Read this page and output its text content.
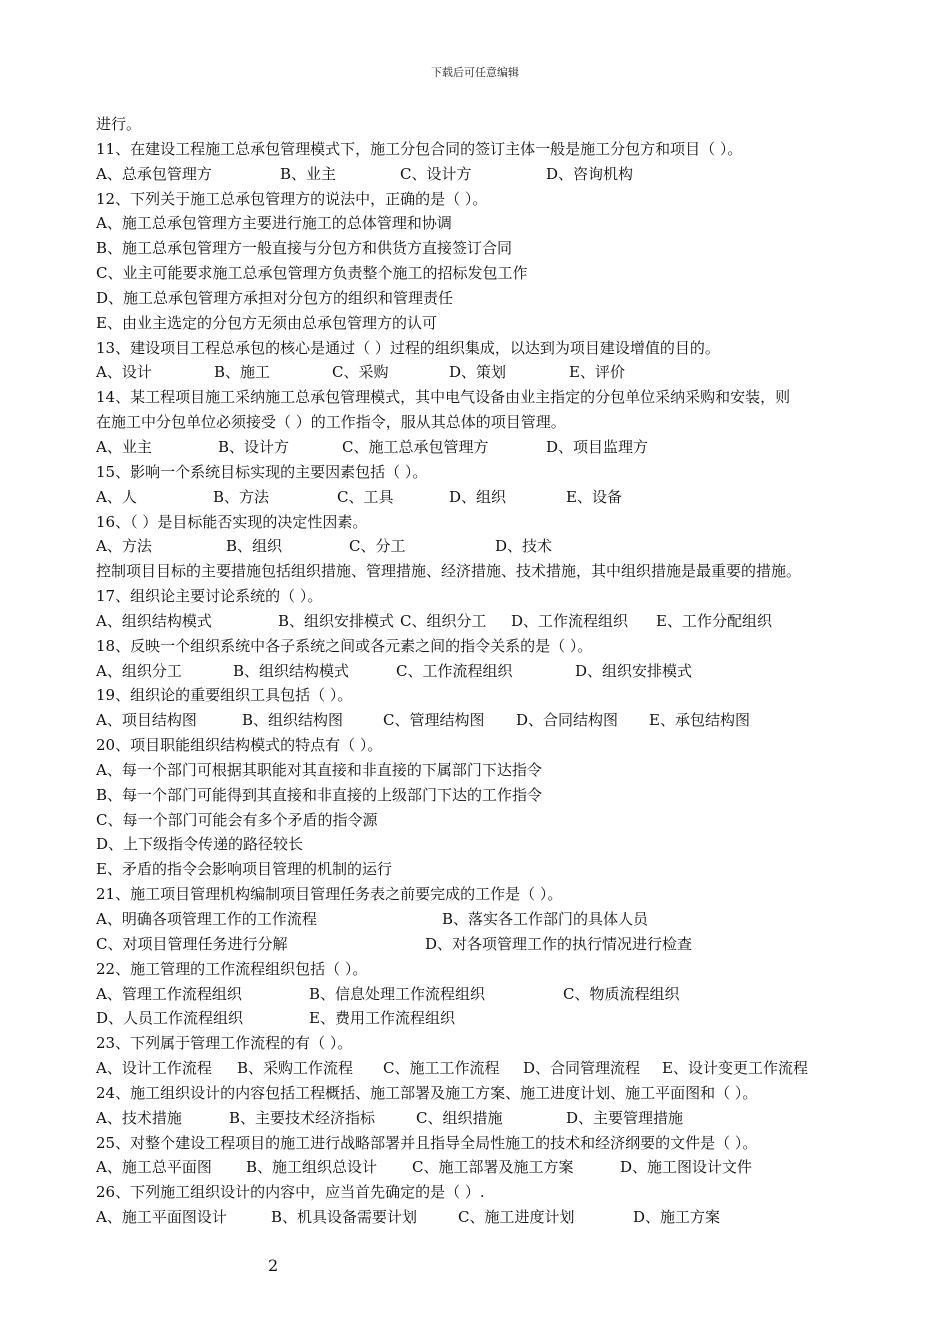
下载后可任意编辑
进行。
11、在建设工程施工总承包管理模式下，施工分包合同的签订主体一般是施工分包方和项目（ ）。
A、总承包管理方	B、业主	C、设计方	D、咨询机构
12、下列关于施工总承包管理方的说法中，正确的是（ ）。
A、施工总承包管理方主要进行施工的总体管理和协调
B、施工总承包管理方一般直接与分包方和供货方直接签订合同
C、业主可能要求施工总承包管理方负责整个施工的招标发包工作
D、施工总承包管理方承担对分包方的组织和管理责任
E、由业主选定的分包方无须由总承包管理方的认可
13、建设项目工程总承包的核心是通过（ ）过程的组织集成，以达到为项目建设增值的目的。
A、设计	B、施工	C、采购	D、策划	E、评价
14、某工程项目施工采纳施工总承包管理模式，其中电气设备由业主指定的分包单位采纳采购和安装，则
在施工中分包单位必须接受（ ）的工作指令，服从其总体的项目管理。
A、业主	B、设计方	C、施工总承包管理方	D、项目监理方
15、影响一个系统目标实现的主要因素包括（ ）。
A、人	B、方法	C、工具	D、组织	E、设备
16、（ ）是目标能否实现的决定性因素。
A、方法	B、组织	C、分工	D、技术
控制项目目标的主要措施包括组织措施、管理措施、经济措施、技术措施，其中组织措施是最重要的措施。
17、组织论主要讨论系统的（ ）。
A、组织结构模式	B、组织安排模式 C、组织分工 D、工作流程组织 E、工作分配组织
18、反映一个组织系统中各子系统之间或各元素之间的指令关系的是（ ）。
A、组织分工	B、组织结构模式	C、工作流程组织	D、组织安排模式
19、组织论的重要组织工具包括（ ）。
A、项目结构图	B、组织结构图	C、管理结构图 D、合同结构图 E、承包结构图
20、项目职能组织结构模式的特点有（ ）。
A、每一个部门可根据其职能对其直接和非直接的下属部门下达指令
B、每一个部门可能得到其直接和非直接的上级部门下达的工作指令
C、每一个部门可能会有多个矛盾的指令源
D、上下级指令传递的路径较长
E、矛盾的指令会影响项目管理的机制的运行
21、施工项目管理机构编制项目管理任务表之前要完成的工作是（ ）。
A、明确各项管理工作的工作流程	B、落实各工作部门的具体人员
C、对项目管理任务进行分解	D、对各项管理工作的执行情况进行检查
22、施工管理的工作流程组织包括（ ）。
A、管理工作流程组织	B、信息处理工作流程组织	C、物质流程组织
D、人员工作流程组织	E、费用工作流程组织
23、下列属于管理工作流程的有（ ）。
A、设计工作流程 B、采购工作流程 C、施工工作流程 D、合同管理流程 E、设计变更工作流程
24、施工组织设计的内容包括工程概括、施工部署及施工方案、施工进度计划、施工平面图和（ ）。
A、技术措施	B、主要技术经济指标	C、组织措施	D、主要管理措施
25、对整个建设工程项目的施工进行战略部署并且指导全局性施工的技术和经济纲要的文件是（ ）。
A、施工总平面图 B、施工组织总设计 C、施工部署及施工方案	D、施工图设计文件
26、下列施工组织设计的内容中，应当首先确定的是（ ）.
A、施工平面图设计	B、机具设备需要计划	C、施工进度计划	D、施工方案
2
